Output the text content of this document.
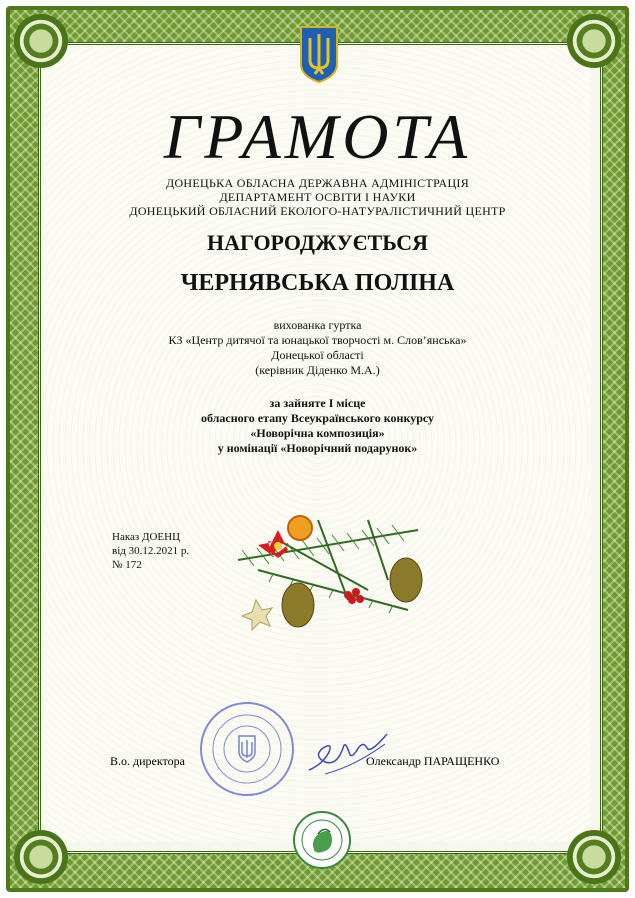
ГРАМОТА
ДОНЕЦЬКА ОБЛАСНА ДЕРЖАВНА АДМІНІСТРАЦІЯ
ДЕПАРТАМЕНТ ОСВІТИ І НАУКИ
ДОНЕЦЬКИЙ ОБЛАСНИЙ ЕКОЛОГО-НАТУРАЛІСТИЧНИЙ ЦЕНТР
НАГОРОДЖУЄТЬСЯ
ЧЕРНЯВСЬКА ПОЛІНА
вихованка гуртка
КЗ «Центр дитячої та юнацької творчості м. Слов’янська»
Донецької області
(керівник Діденко М.А.)
за зайняте І місце
обласного етапу Всеукраїнського конкурсу
«Новорічна композиція»
у номінації «Новорічний подарунок»
Наказ ДОЕНЦ
від 30.12.2021 р.
№ 172
В.о. директора	Олександр ПАРАЩЕНКО
